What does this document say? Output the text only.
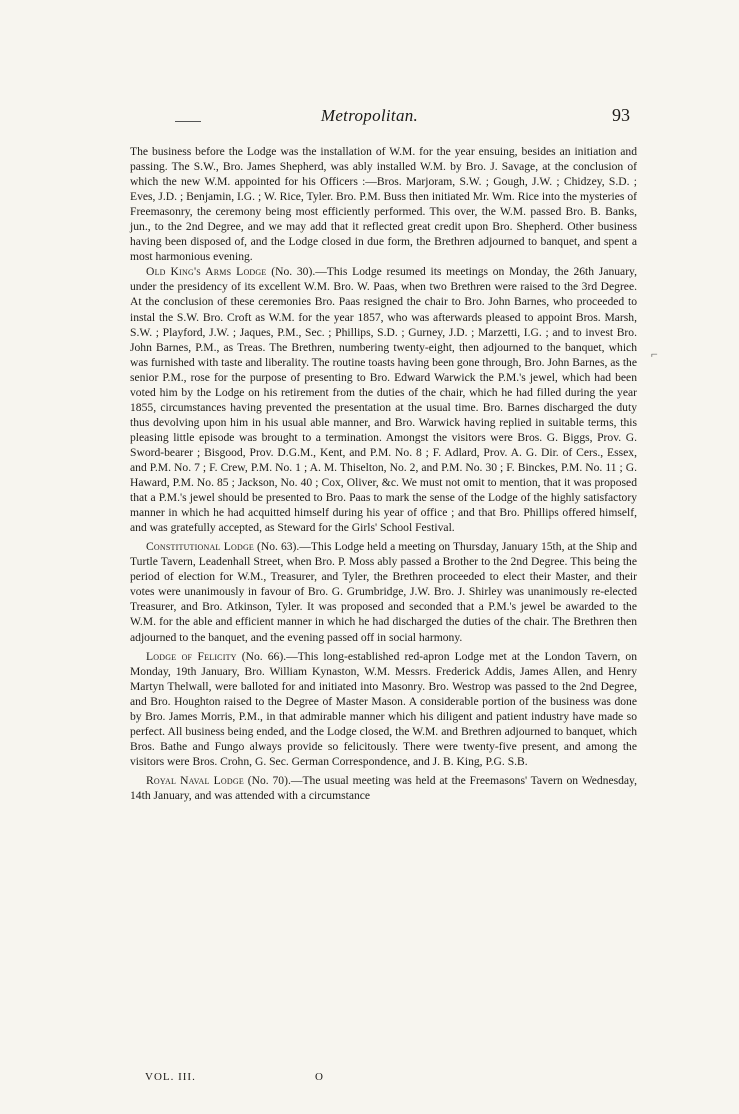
Metropolitan.	93

The business before the Lodge was the installation of W.M. for the year ensuing, besides an initiation and passing. The S.W., Bro. James Shepherd, was ably installed W.M. by Bro. J. Savage, at the conclusion of which the new W.M. appointed for his Officers :—Bros. Marjoram, S.W. ; Gough, J.W. ; Chidzey, S.D. ; Eves, J.D. ; Benjamin, I.G. ; W. Rice, Tyler. Bro. P.M. Buss then initiated Mr. Wm. Rice into the mysteries of Freemasonry, the ceremony being most efficiently performed. This over, the W.M. passed Bro. B. Banks, jun., to the 2nd Degree, and we may add that it reflected great credit upon Bro. Shepherd. Other business having been disposed of, and the Lodge closed in due form, the Brethren adjourned to banquet, and spent a most harmonious evening.

Old King's Arms Lodge (No. 30).—This Lodge resumed its meetings on Monday, the 26th January, under the presidency of its excellent W.M. Bro. W. Paas, when two Brethren were raised to the 3rd Degree. At the conclusion of these ceremonies Bro. Paas resigned the chair to Bro. John Barnes, who proceeded to instal the S.W. Bro. Croft as W.M. for the year 1857, who was afterwards pleased to appoint Bros. Marsh, S.W. ; Playford, J.W. ; Jaques, P.M., Sec. ; Phillips, S.D. ; Gurney, J.D. ; Marzetti, I.G. ; and to invest Bro. John Barnes, P.M., as Treas. The Brethren, numbering twenty-eight, then adjourned to the banquet, which was furnished with taste and liberality. The routine toasts having been gone through, Bro. John Barnes, as the senior P.M., rose for the purpose of presenting to Bro. Edward Warwick the P.M.'s jewel, which had been voted him by the Lodge on his retirement from the duties of the chair, which he had filled during the year 1855, circumstances having prevented the presentation at the usual time. Bro. Barnes discharged the duty thus devolving upon him in his usual able manner, and Bro. Warwick having replied in suitable terms, this pleasing little episode was brought to a termination. Amongst the visitors were Bros. G. Biggs, Prov. G. Sword-bearer ; Bisgood, Prov. D.G.M., Kent, and P.M. No. 8 ; F. Adlard, Prov. A. G. Dir. of Cers., Essex, and P.M. No. 7 ; F. Crew, P.M. No. 1 ; A. M. Thiselton, No. 2, and P.M. No. 30 ; F. Binckes, P.M. No. 11 ; G. Haward, P.M. No. 85 ; Jackson, No. 40 ; Cox, Oliver, &c. We must not omit to mention, that it was proposed that a P.M.'s jewel should be presented to Bro. Paas to mark the sense of the Lodge of the highly satisfactory manner in which he had acquitted himself during his year of office ; and that Bro. Phillips offered himself, and was gratefully accepted, as Steward for the Girls' School Festival.

Constitutional Lodge (No. 63).—This Lodge held a meeting on Thursday, January 15th, at the Ship and Turtle Tavern, Leadenhall Street, when Bro. P. Moss ably passed a Brother to the 2nd Degree. This being the period of election for W.M., Treasurer, and Tyler, the Brethren proceeded to elect their Master, and their votes were unanimously in favour of Bro. G. Grumbridge, J.W. Bro. J. Shirley was unanimously re-elected Treasurer, and Bro. Atkinson, Tyler. It was proposed and seconded that a P.M.'s jewel be awarded to the W.M. for the able and efficient manner in which he had discharged the duties of the chair. The Brethren then adjourned to the banquet, and the evening passed off in social harmony.

Lodge of Felicity (No. 66).—This long-established red-apron Lodge met at the London Tavern, on Monday, 19th January, Bro. William Kynaston, W.M. Messrs. Frederick Addis, James Allen, and Henry Martyn Thelwall, were balloted for and initiated into Masonry. Bro. Westrop was passed to the 2nd Degree, and Bro. Houghton raised to the Degree of Master Mason. A considerable portion of the business was done by Bro. James Morris, P.M., in that admirable manner which his diligent and patient industry have made so perfect. All business being ended, and the Lodge closed, the W.M. and Brethren adjourned to banquet, which Bros. Bathe and Fungo always provide so felicitously. There were twenty-five present, and among the visitors were Bros. Crohn, G. Sec. German Correspondence, and J. B. King, P.G. S.B.

Royal Naval Lodge (No. 70).—The usual meeting was held at the Freemasons' Tavern on Wednesday, 14th January, and was attended with a circumstance

⌐
VOL. III.	O
